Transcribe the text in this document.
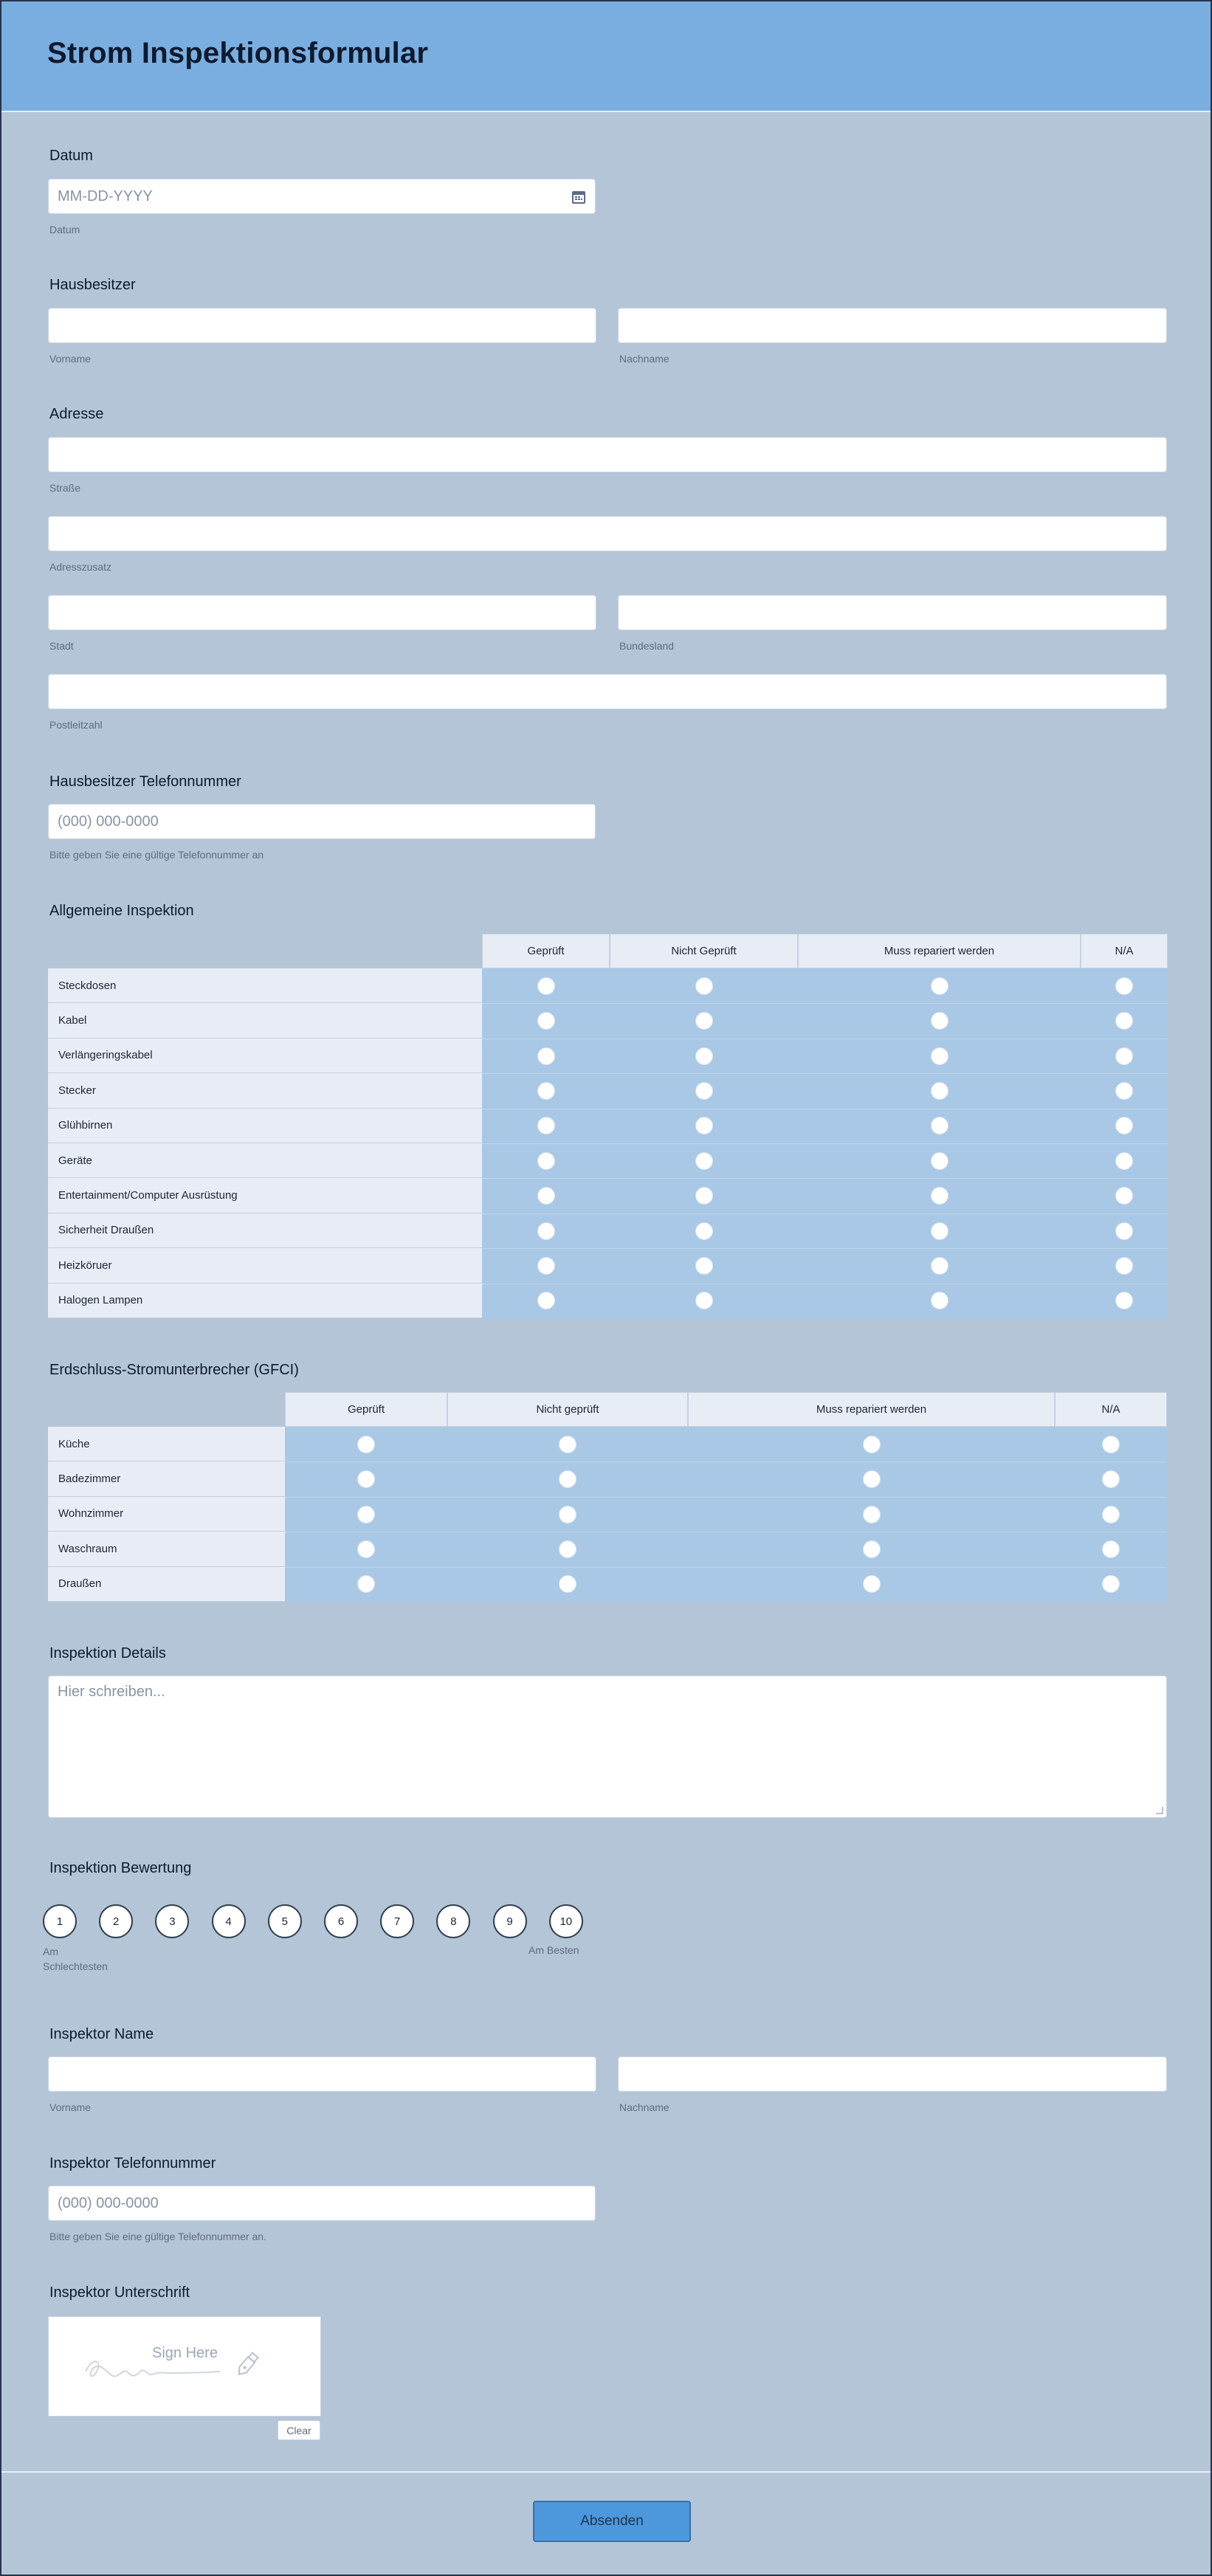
Strom Inspektionsformular
Datum
MM-DD-YYYY
Datum
Hausbesitzer
Vorname	Nachname
Adresse
Straße
Adresszusatz
Stadt	Bundesland
Postleitzahl
Hausbesitzer Telefonnummer
(000) 000-0000
Bitte geben Sie eine gültige Telefonnummer an
Allgemeine Inspektion
Geprüft	Nicht Geprüft	Muss repariert werden	N/A
Steckdosen
Kabel
Verlängeringskabel
Stecker
Glühbirnen
Geräte
Entertainment/Computer Ausrüstung
Sicherheit Draußen
Heizköruer
Halogen Lampen
Erdschluss-Stromunterbrecher (GFCI)
Geprüft	Nicht geprüft	Muss repariert werden	N/A
Küche
Badezimmer
Wohnzimmer
Waschraum
Draußen
Inspektion Details
Hier schreiben...
Inspektion Bewertung
1	2	3	4	5	6	7	8	9	10
Am Schlechtesten
Am Besten
Inspektor Name
Vorname	Nachname
Inspektor Telefonnummer
(000) 000-0000
Bitte geben Sie eine gültige Telefonnummer an.
Inspektor Unterschrift
Sign Here
Clear
Absenden
